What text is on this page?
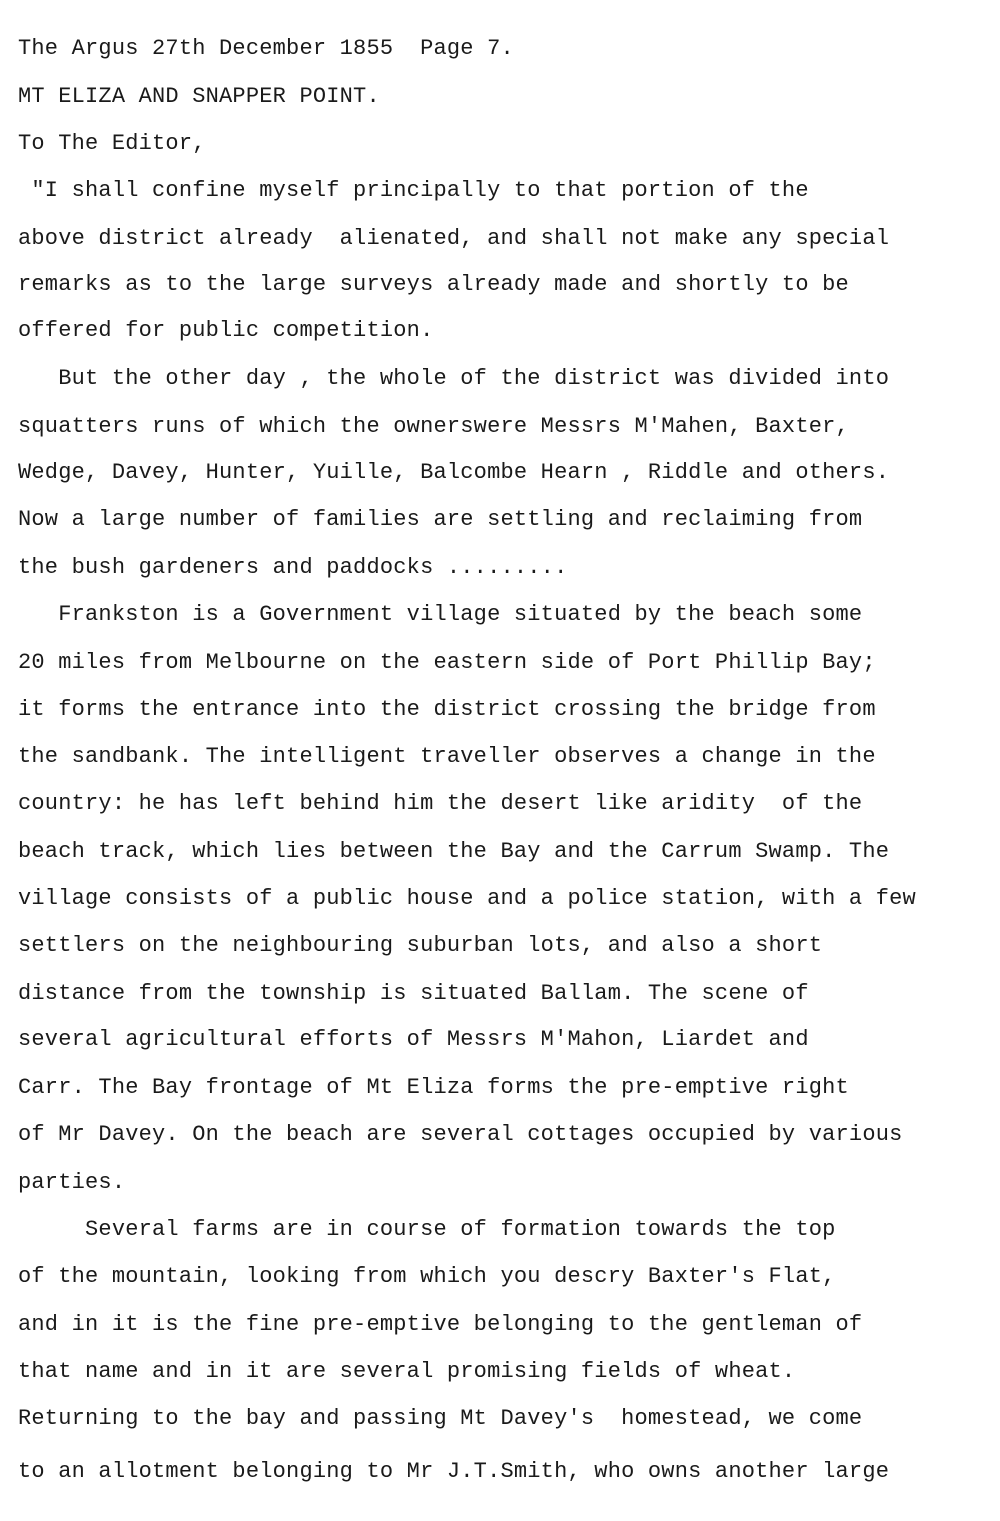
The Argus 27th December 1855  Page 7.
MT ELIZA AND SNAPPER POINT.
To The Editor,
"I shall confine myself principally to that portion of the
above district already  alienated, and shall not make any special
remarks as to the large surveys already made and shortly to be
offered for public competition.
But the other day , the whole of the district was divided into
squatters runs of which the ownerswere Messrs M'Mahen, Baxter,
Wedge, Davey, Hunter, Yuille, Balcombe Hearn , Riddle and others.
Now a large number of families are settling and reclaiming from
the bush gardeners and paddocks .........
Frankston is a Government village situated by the beach some
20 miles from Melbourne on the eastern side of Port Phillip Bay;
it forms the entrance into the district crossing the bridge from
the sandbank. The intelligent traveller observes a change in the
country: he has left behind him the desert like aridity  of the
beach track, which lies between the Bay and the Carrum Swamp. The
village consists of a public house and a police station, with a few
settlers on the neighbouring suburban lots, and also a short
distance from the township is situated Ballam. The scene of
several agricultural efforts of Messrs M'Mahon, Liardet and
Carr. The Bay frontage of Mt Eliza forms the pre-emptive right
of Mr Davey. On the beach are several cottages occupied by various
parties.
Several farms are in course of formation towards the top
of the mountain, looking from which you descry Baxter's Flat,
and in it is the fine pre-emptive belonging to the gentleman of
that name and in it are several promising fields of wheat.
Returning to the bay and passing Mt Davey's  homestead, we come
to an allotment belonging to Mr J.T.Smith, who owns another large
